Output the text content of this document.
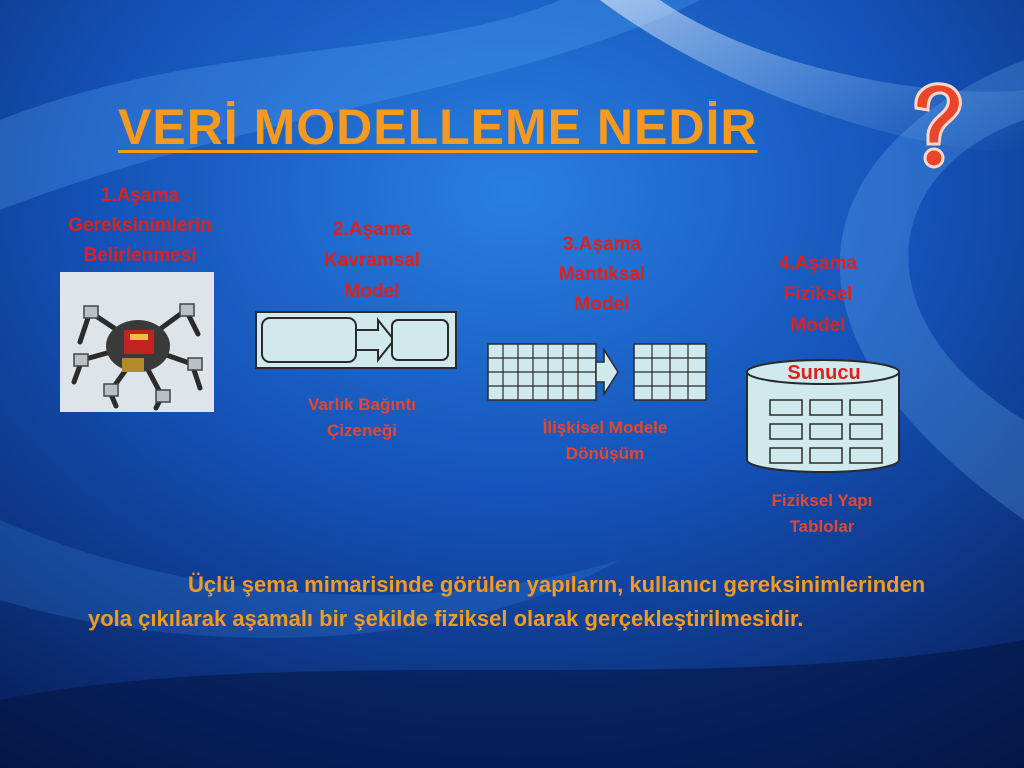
VERİ MODELLEME NEDİR
1.Aşama
Gereksinimlerin
Belirlenmesi
2.Aşama
Kavramsal
Model
Varlık Bağıntı
Çizeneği
3.Aşama
Mantıksal
Model
İlişkisel Modele
Dönüşüm
4.Aşama
Fiziksel
Model
Sunucu
Fiziksel Yapı
Tablolar
Üçlü şema mimarisinde görülen yapıların, kullanıcı gereksinimlerinden yola çıkılarak aşamalı bir şekilde fiziksel olarak gerçekleştirilmesidir.
